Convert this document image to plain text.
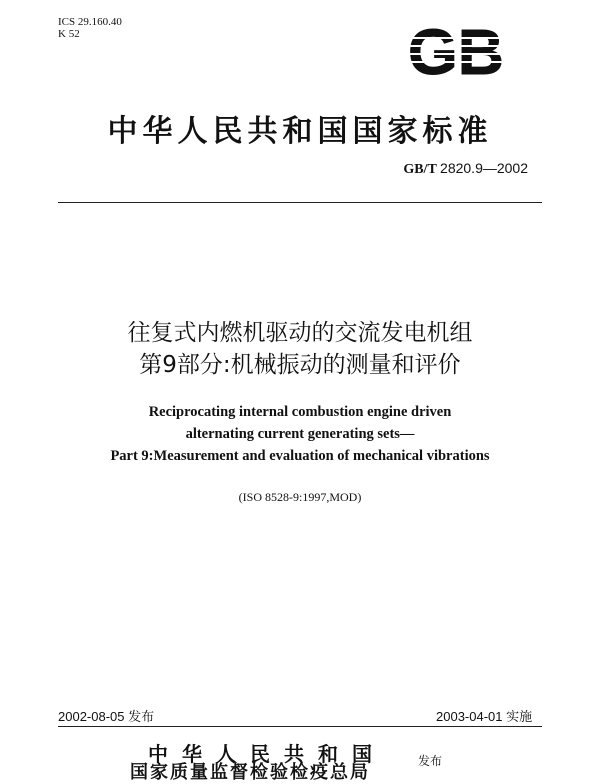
ICS 29.160.40
K 52	GB
中华人民共和国国家标准
GB/T 2820.9—2002
往复式内燃机驱动的交流发电机组
第9部分:机械振动的测量和评价
Reciprocating internal combustion engine driven
alternating current generating sets—
Part 9:Measurement and evaluation of mechanical vibrations
(ISO 8528-9:1997,MOD)
2002-08-05 发布	2003-04-01 实施
中华人民共和国
国家质量监督检验检疫总局
发布
